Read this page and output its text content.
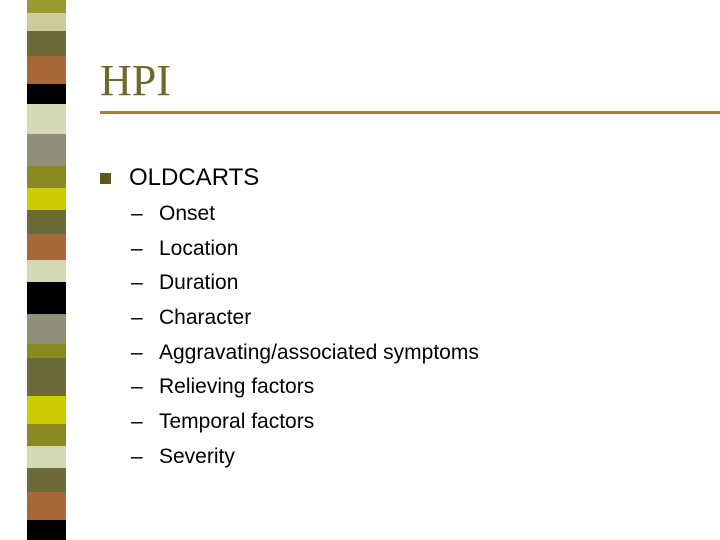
HPI
OLDCARTS
– Onset
– Location
– Duration
– Character
– Aggravating/associated symptoms
– Relieving factors
– Temporal factors
– Severity
